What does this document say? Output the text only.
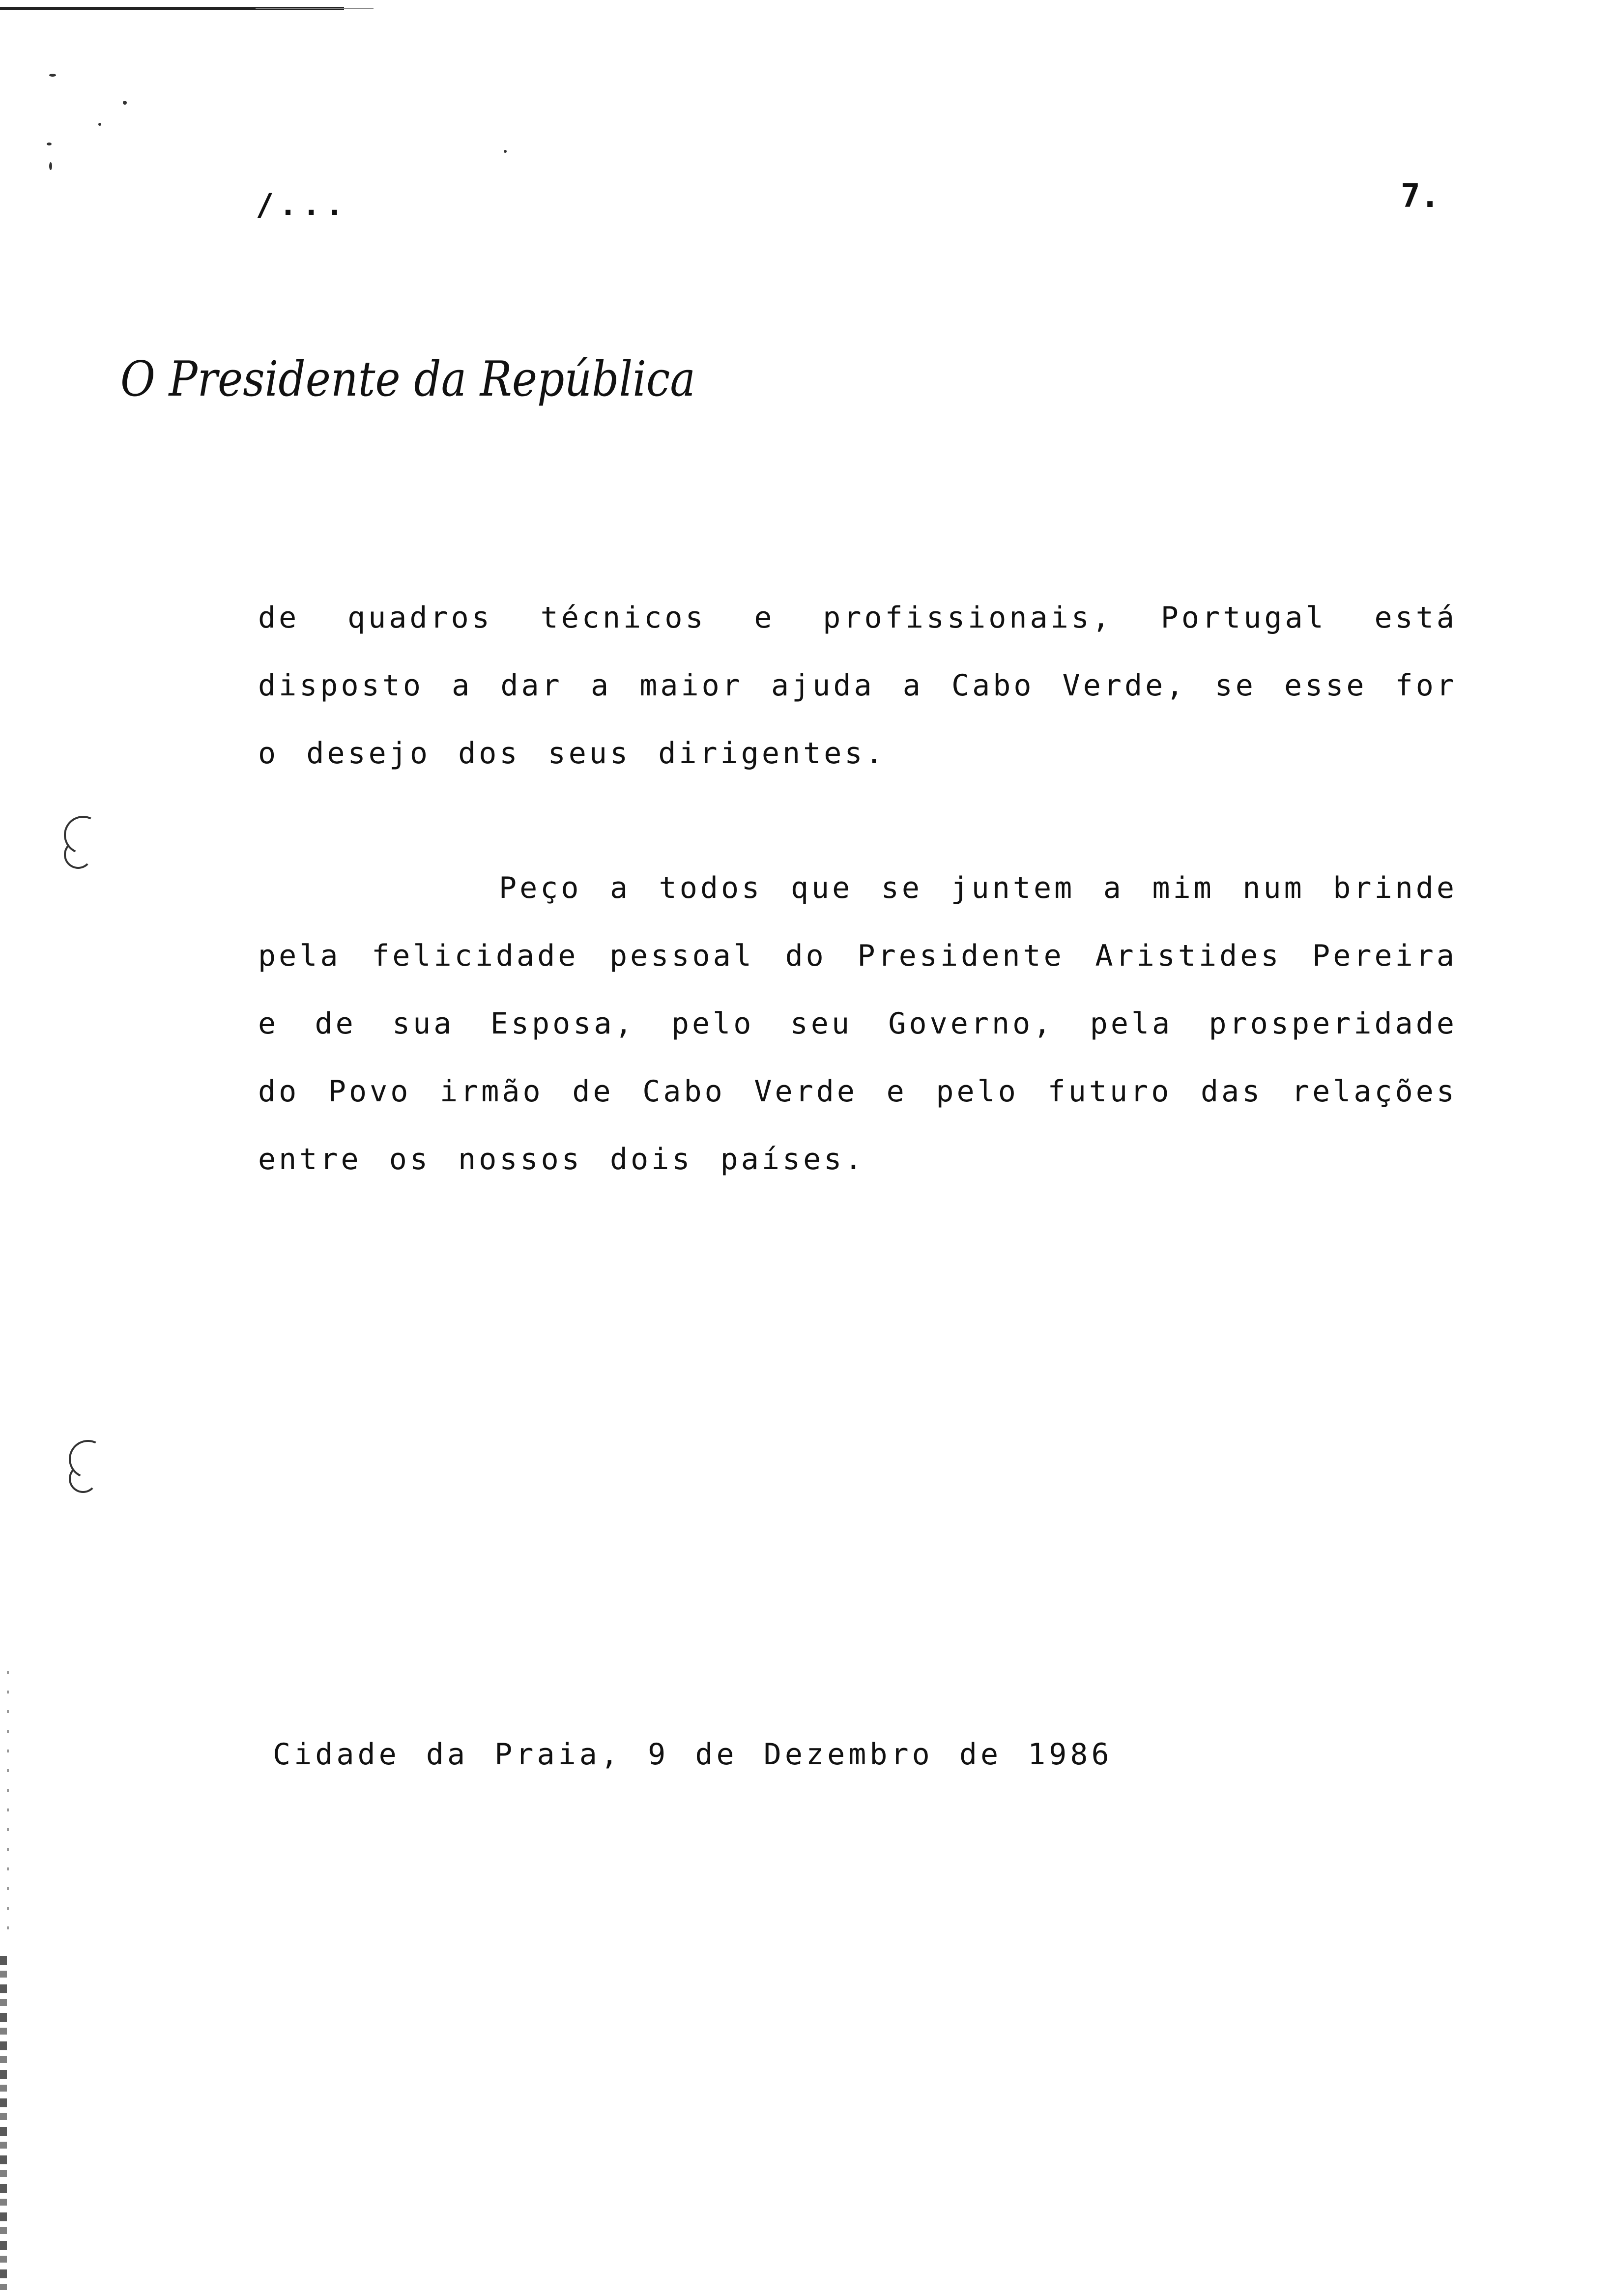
/...	7.
O Presidente da República
de quadros técnicos e profissionais, Portugal está disposto a dar a maior ajuda a Cabo Verde, se esse for o desejo dos seus dirigentes.
Peço a todos que se juntem a mim num brinde pela felicidade pessoal do Presidente Aristides Pereira e de sua Esposa, pelo seu Governo, pela prosperidade do Povo irmão de Cabo Verde e pelo futuro das relações entre os nossos dois países.
Cidade da Praia, 9 de Dezembro de 1986
